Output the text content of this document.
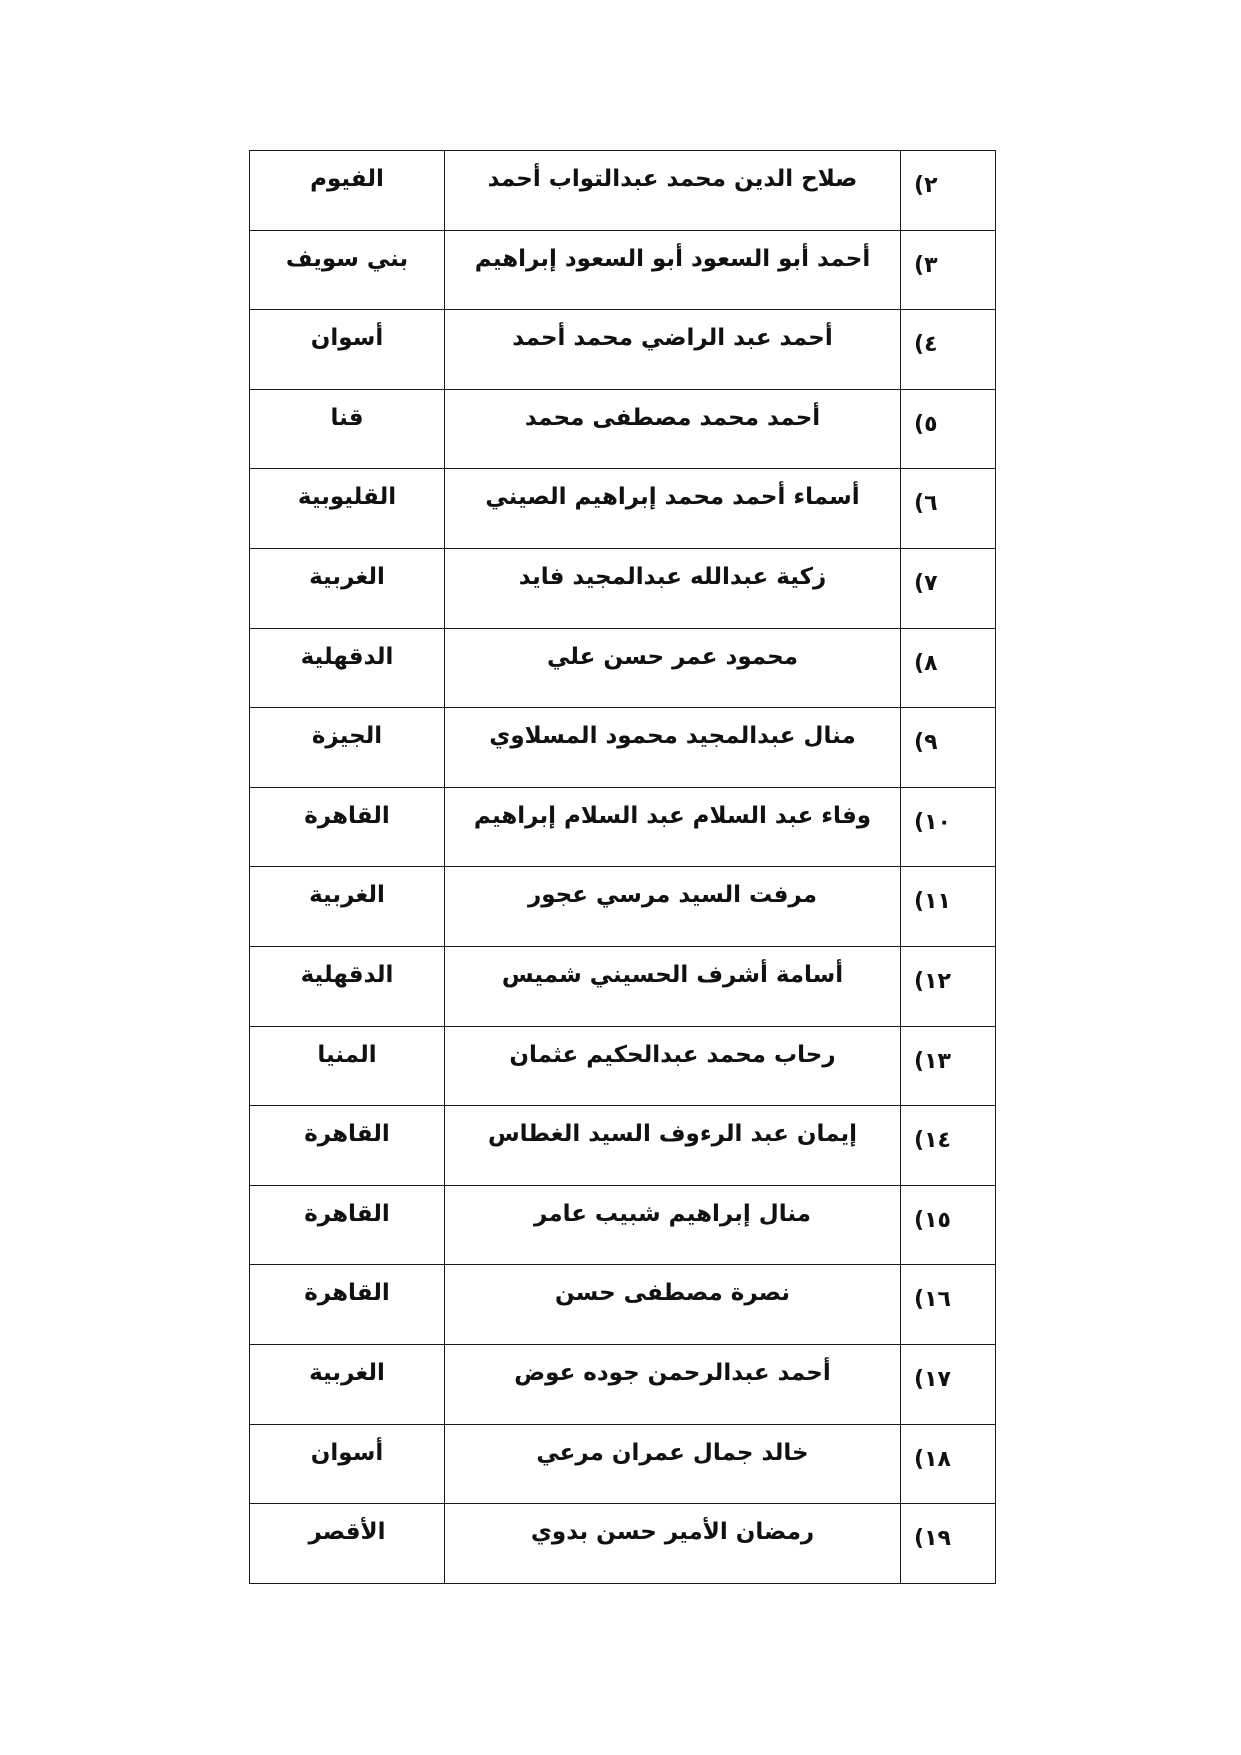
٢)	صلاح الدين محمد عبدالتواب أحمد	الفيوم
٣)	أحمد أبو السعود أبو السعود إبراهيم	بني سويف
٤)	أحمد عبد الراضي محمد أحمد	أسوان
٥)	أحمد محمد مصطفى محمد	قنا
٦)	أسماء أحمد محمد إبراهيم الصيني	القليوبية
٧)	زكية عبدالله عبدالمجيد فايد	الغربية
٨)	محمود عمر حسن علي	الدقهلية
٩)	منال عبدالمجيد محمود المسلاوي	الجيزة
١٠)	وفاء عبد السلام عبد السلام إبراهيم	القاهرة
١١)	مرفت السيد مرسي عجور	الغربية
١٢)	أسامة أشرف الحسيني شميس	الدقهلية
١٣)	رحاب محمد عبدالحكيم عثمان	المنيا
١٤)	إيمان عبد الرءوف السيد الغطاس	القاهرة
١٥)	منال إبراهيم شبيب عامر	القاهرة
١٦)	نصرة مصطفى حسن	القاهرة
١٧)	أحمد عبدالرحمن جوده عوض	الغربية
١٨)	خالد جمال عمران مرعي	أسوان
١٩)	رمضان الأمير حسن بدوي	الأقصر
